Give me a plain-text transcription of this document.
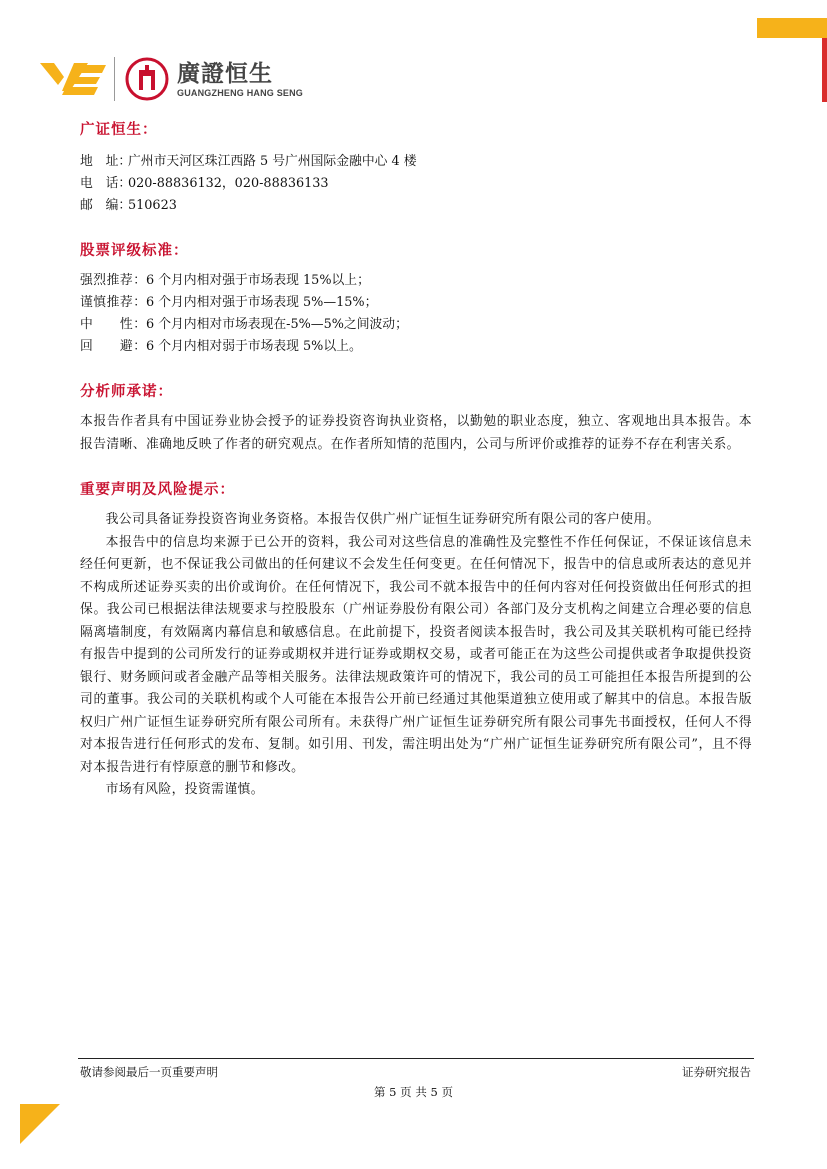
廣證恒生
GUANGZHENG HANG SENG

广证恒生：

地　址：广州市天河区珠江西路 5 号广州国际金融中心 4 楼

电　话：020-88836132，020-88836133

邮　编：510623

股票评级标准：

强烈推荐：6 个月内相对强于市场表现 15%以上；

谨慎推荐：6 个月内相对强于市场表现 5%—15%；

中　　性：6 个月内相对市场表现在-5%—5%之间波动；

回　　避：6 个月内相对弱于市场表现 5%以上。

分析师承诺：

本报告作者具有中国证券业协会授予的证券投资咨询执业资格，以勤勉的职业态度，独立、客观地出具本报告。本报告清晰、准确地反映了作者的研究观点。在作者所知情的范围内，公司与所评价或推荐的证券不存在利害关系。

重要声明及风险提示：

我公司具备证券投资咨询业务资格。本报告仅供广州广证恒生证券研究所有限公司的客户使用。

本报告中的信息均来源于已公开的资料，我公司对这些信息的准确性及完整性不作任何保证，不保证该信息未经任何更新，也不保证我公司做出的任何建议不会发生任何变更。在任何情况下，报告中的信息或所表达的意见并不构成所述证券买卖的出价或询价。在任何情况下，我公司不就本报告中的任何内容对任何投资做出任何形式的担保。我公司已根据法律法规要求与控股股东（广州证券股份有限公司）各部门及分支机构之间建立合理必要的信息隔离墙制度，有效隔离内幕信息和敏感信息。在此前提下，投资者阅读本报告时，我公司及其关联机构可能已经持有报告中提到的公司所发行的证券或期权并进行证券或期权交易，或者可能正在为这些公司提供或者争取提供投资银行、财务顾问或者金融产品等相关服务。法律法规政策许可的情况下，我公司的员工可能担任本报告所提到的公司的董事。我公司的关联机构或个人可能在本报告公开前已经通过其他渠道独立使用或了解其中的信息。本报告版权归广州广证恒生证券研究所有限公司所有。未获得广州广证恒生证券研究所有限公司事先书面授权，任何人不得对本报告进行任何形式的发布、复制。如引用、刊发，需注明出处为“广州广证恒生证券研究所有限公司”，且不得对本报告进行有悖原意的删节和修改。

市场有风险，投资需谨慎。

敬请参阅最后一页重要声明	证券研究报告
第 5 页 共 5 页
